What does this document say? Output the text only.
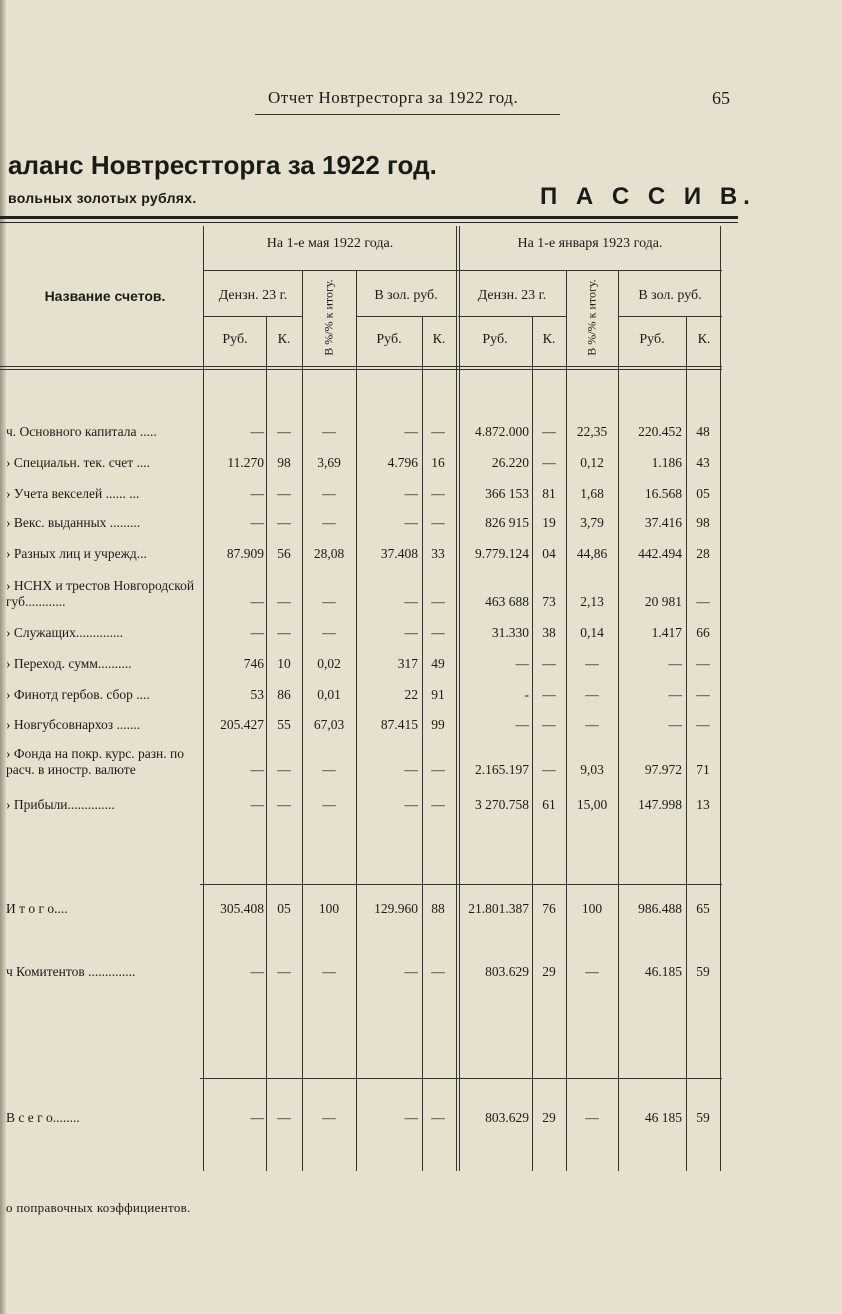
Отчет Новтресторга за 1922 год.	65
аланс Новтрестторга за 1922 год.
вольных золотых рублях.	П А С С И В.
Название счетов.
На 1-е мая 1922 года.	На 1-е января 1923 года.
Дензн. 23 г.	В зол. руб.	Дензн. 23 г.	В зол. руб.
В %/% к итогу.	В %/% к итогу.
Руб.	К.	Руб.	К.	Руб.	К.	Руб.	К.
ч. Основного капитала .....	— —	—	— —	4.872.000 —	22,35	220.452	48
› Специальн. тек. счет ....	11.270 98	3,69	4.796 16	26.220 —	0,12	1.186	43
› Учета векселей ...... ...	— —	—	— —	366 153 81	1,68	16.568	05
› Векс. выданных .........	— —	—	— —	826 915 19	3,79	37.416	98
› Разных лиц и учрежд...	87.909 56	28,08	37.408 33	9.779.124 04	44,86	442.494	28
› НСНХ и трестов Новгородской губ............	— —	—	— —	463 688 73	2,13	20 981	—
› Служащих..............	— —	—	— —	31.330 38	0,14	1.417	66
› Переход. сумм..........	746 10	0,02	317 49	— —	—	—	—
› Финотд гербов. сбор ....	53 86	0,01	22 91	- —	—	—	—
› Новгубсовнархоз .......	205.427 55	67,03	87.415 99	— —	—	—	—
› Фонда на покр. курс. разн. по расч. в иностр. валюте	— —	—	— —	2.165.197 —	9,03	97.972	71
› Прибыли..............	— —	—	— —	3 270.758 61	15,00	147.998	13
И т о г о....	305.408 05	100	129.960 88	21.801.387 76	100	986.488	65
ч Комитентов ..............	— —	—	— —	803.629 29	—	46.185	59
В с е г о........	— —	—	— —	803.629 29	—	46 185	59
о поправочных коэффициентов.
